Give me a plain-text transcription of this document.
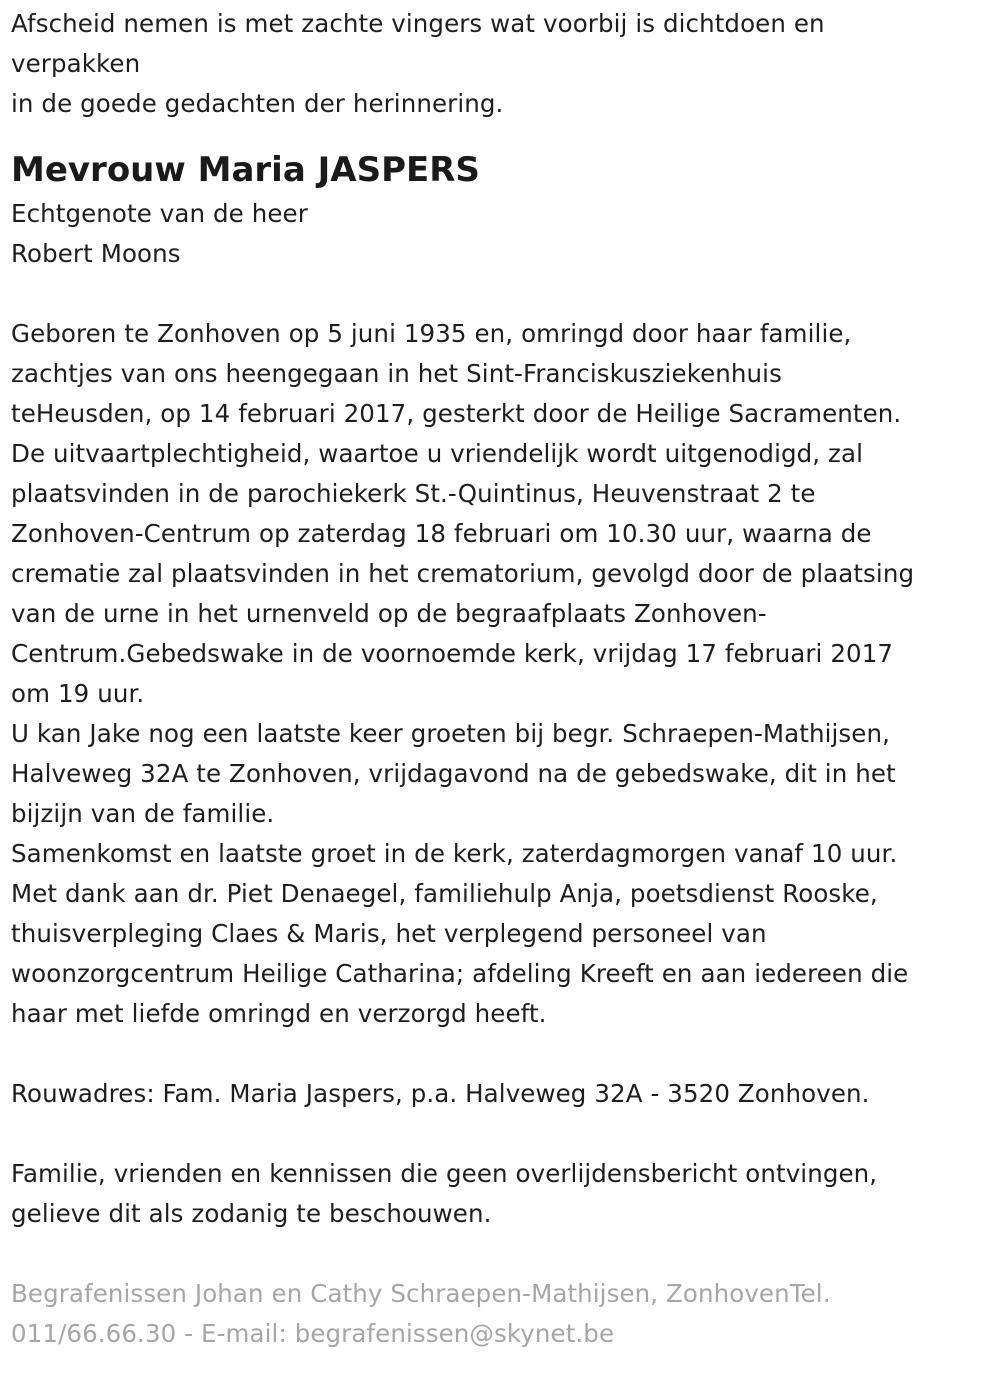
Afscheid nemen is met zachte vingers wat voorbij is dichtdoen en
verpakken
in de goede gedachten der herinnering.
Mevrouw Maria JASPERS
Echtgenote van de heer
Robert Moons
Geboren te Zonhoven op 5 juni 1935 en, omringd door haar familie,
zachtjes van ons heengegaan in het Sint-Franciskusziekenhuis
teHeusden, op 14 februari 2017, gesterkt door de Heilige Sacramenten.
De uitvaartplechtigheid, waartoe u vriendelijk wordt uitgenodigd, zal
plaatsvinden in de parochiekerk St.-Quintinus, Heuvenstraat 2 te
Zonhoven-Centrum op zaterdag 18 februari om 10.30 uur, waarna de
crematie zal plaatsvinden in het crematorium, gevolgd door de plaatsing
van de urne in het urnenveld op de begraafplaats Zonhoven-
Centrum.Gebedswake in de voornoemde kerk, vrijdag 17 februari 2017
om 19 uur.
U kan Jake nog een laatste keer groeten bij begr. Schraepen-Mathijsen,
Halveweg 32A te Zonhoven, vrijdagavond na de gebedswake, dit in het
bijzijn van de familie.
Samenkomst en laatste groet in de kerk, zaterdagmorgen vanaf 10 uur.
Met dank aan dr. Piet Denaegel, familiehulp Anja, poetsdienst Rooske,
thuisverpleging Claes & Maris, het verplegend personeel van
woonzorgcentrum Heilige Catharina; afdeling Kreeft en aan iedereen die
haar met liefde omringd en verzorgd heeft.
Rouwadres: Fam. Maria Jaspers, p.a. Halveweg 32A - 3520 Zonhoven.
Familie, vrienden en kennissen die geen overlijdensbericht ontvingen,
gelieve dit als zodanig te beschouwen.
Begrafenissen Johan en Cathy Schraepen-Mathijsen, ZonhovenTel.
011/66.66.30 - E-mail: begrafenissen@skynet.be
